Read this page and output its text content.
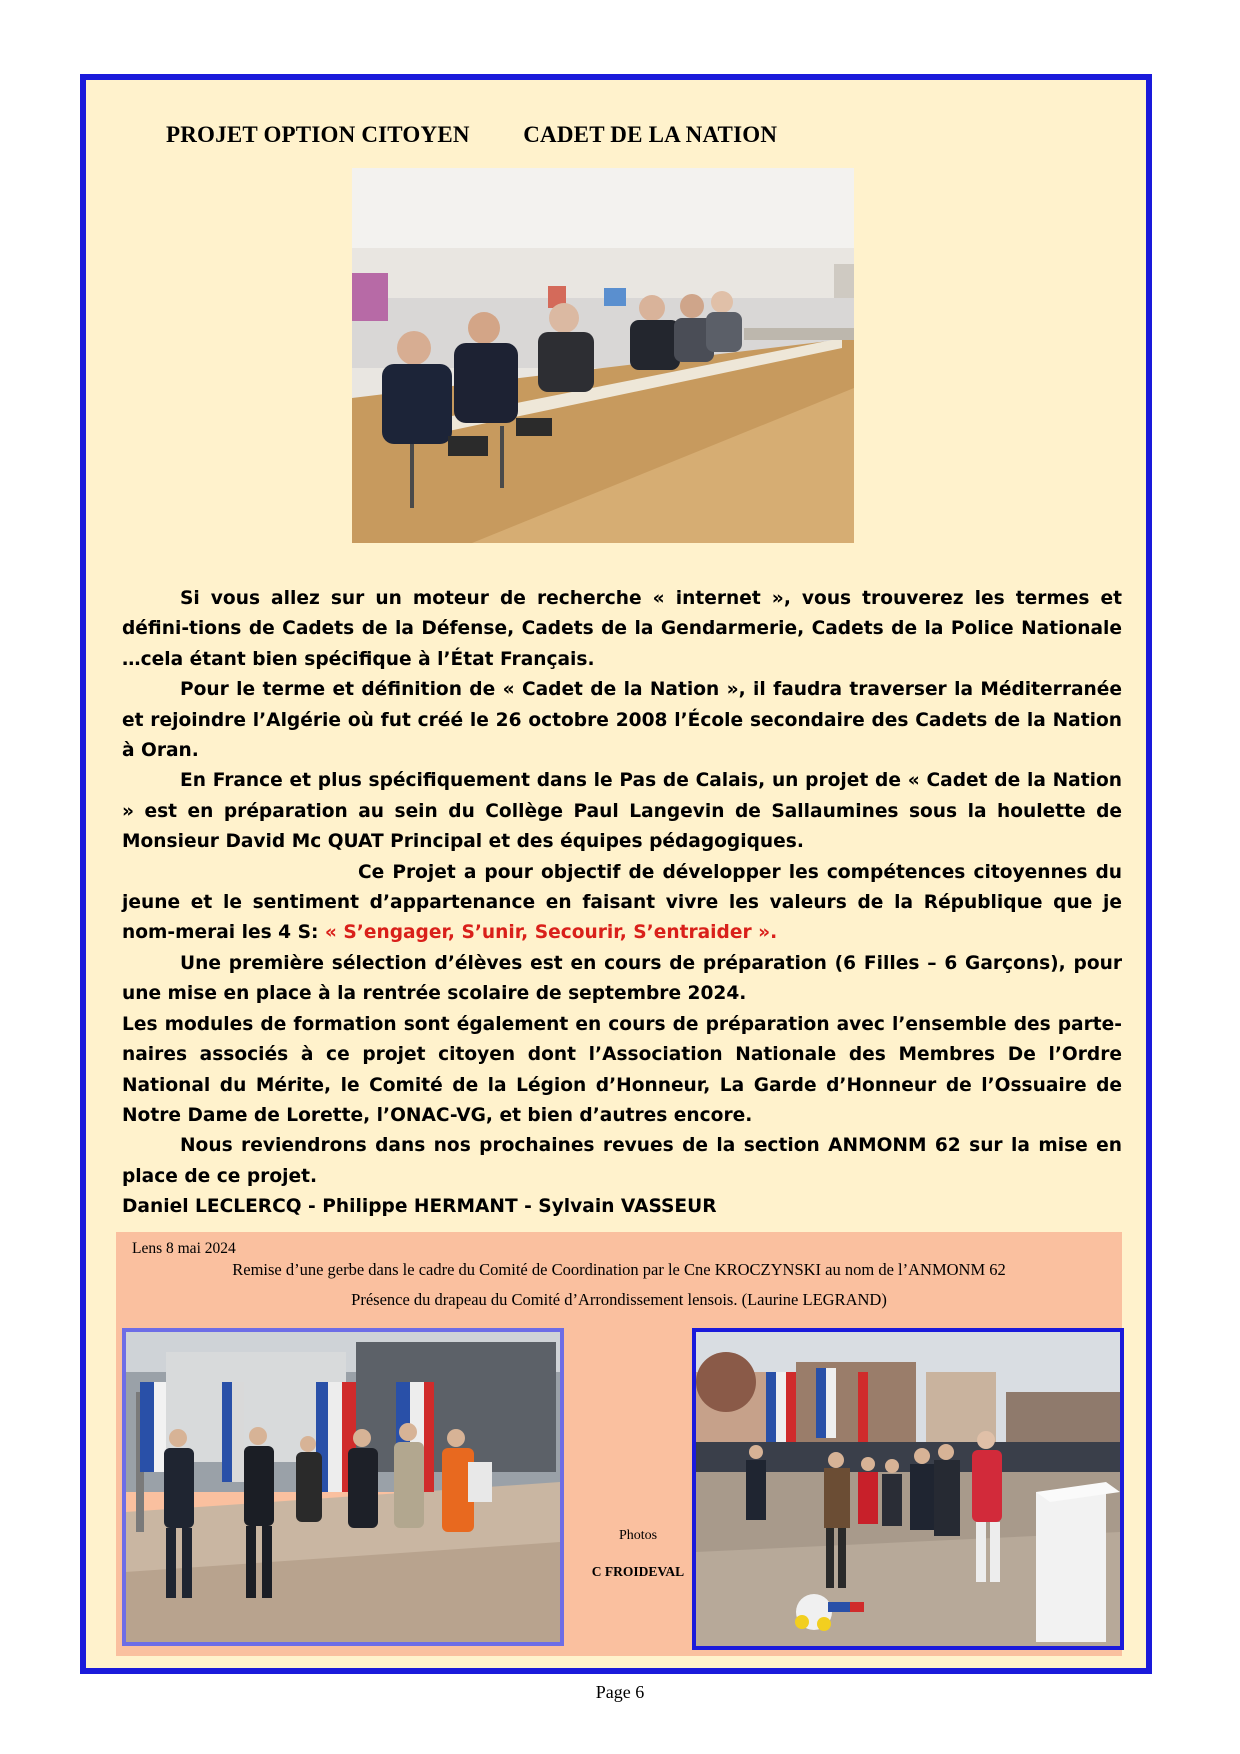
PROJET OPTION CITOYEN CADET DE LA NATION

Si vous allez sur un moteur de recherche « internet », vous trouverez les termes et défini-tions de Cadets de la Défense, Cadets de la Gendarmerie, Cadets de la Police Nationale …cela étant bien spécifique à l’État Français.

Pour le terme et définition de « Cadet de la Nation », il faudra traverser la Méditerranée et rejoindre l’Algérie où fut créé le 26 octobre 2008 l’École secondaire des Cadets de la Nation à Oran.

En France et plus spécifiquement dans le Pas de Calais, un projet de « Cadet de la Nation » est en préparation au sein du Collège Paul Langevin de Sallaumines sous la houlette de Monsieur David Mc QUAT Principal et des équipes pédagogiques.

Ce Projet a pour objectif de développer les compétences citoyennes du jeune et le sentiment d’appartenance en faisant vivre les valeurs de la République que je nom-merai les 4 S: « S’engager, S’unir, Secourir, S’entraider ».

Une première sélection d’élèves est en cours de préparation (6 Filles – 6 Garçons), pour une mise en place à la rentrée scolaire de septembre 2024.

Les modules de formation sont également en cours de préparation avec l’ensemble des parte-naires associés à ce projet citoyen dont l’Association Nationale des Membres De l’Ordre National du Mérite, le Comité de la Légion d’Honneur, La Garde d’Honneur de l’Ossuaire de Notre Dame de Lorette, l’ONAC-VG, et bien d’autres encore.

Nous reviendrons dans nos prochaines revues de la section ANMONM 62 sur la mise en place de ce projet.

Daniel LECLERCQ - Philippe HERMANT - Sylvain VASSEUR

Lens 8 mai 2024
Remise d’une gerbe dans le cadre du Comité de Coordination par le Cne KROCZYNSKI au nom de l’ANMONM 62
Présence du drapeau du Comité d’Arrondissement lensois. (Laurine LEGRAND)
Photos
C FROIDEVAL
Page 6
